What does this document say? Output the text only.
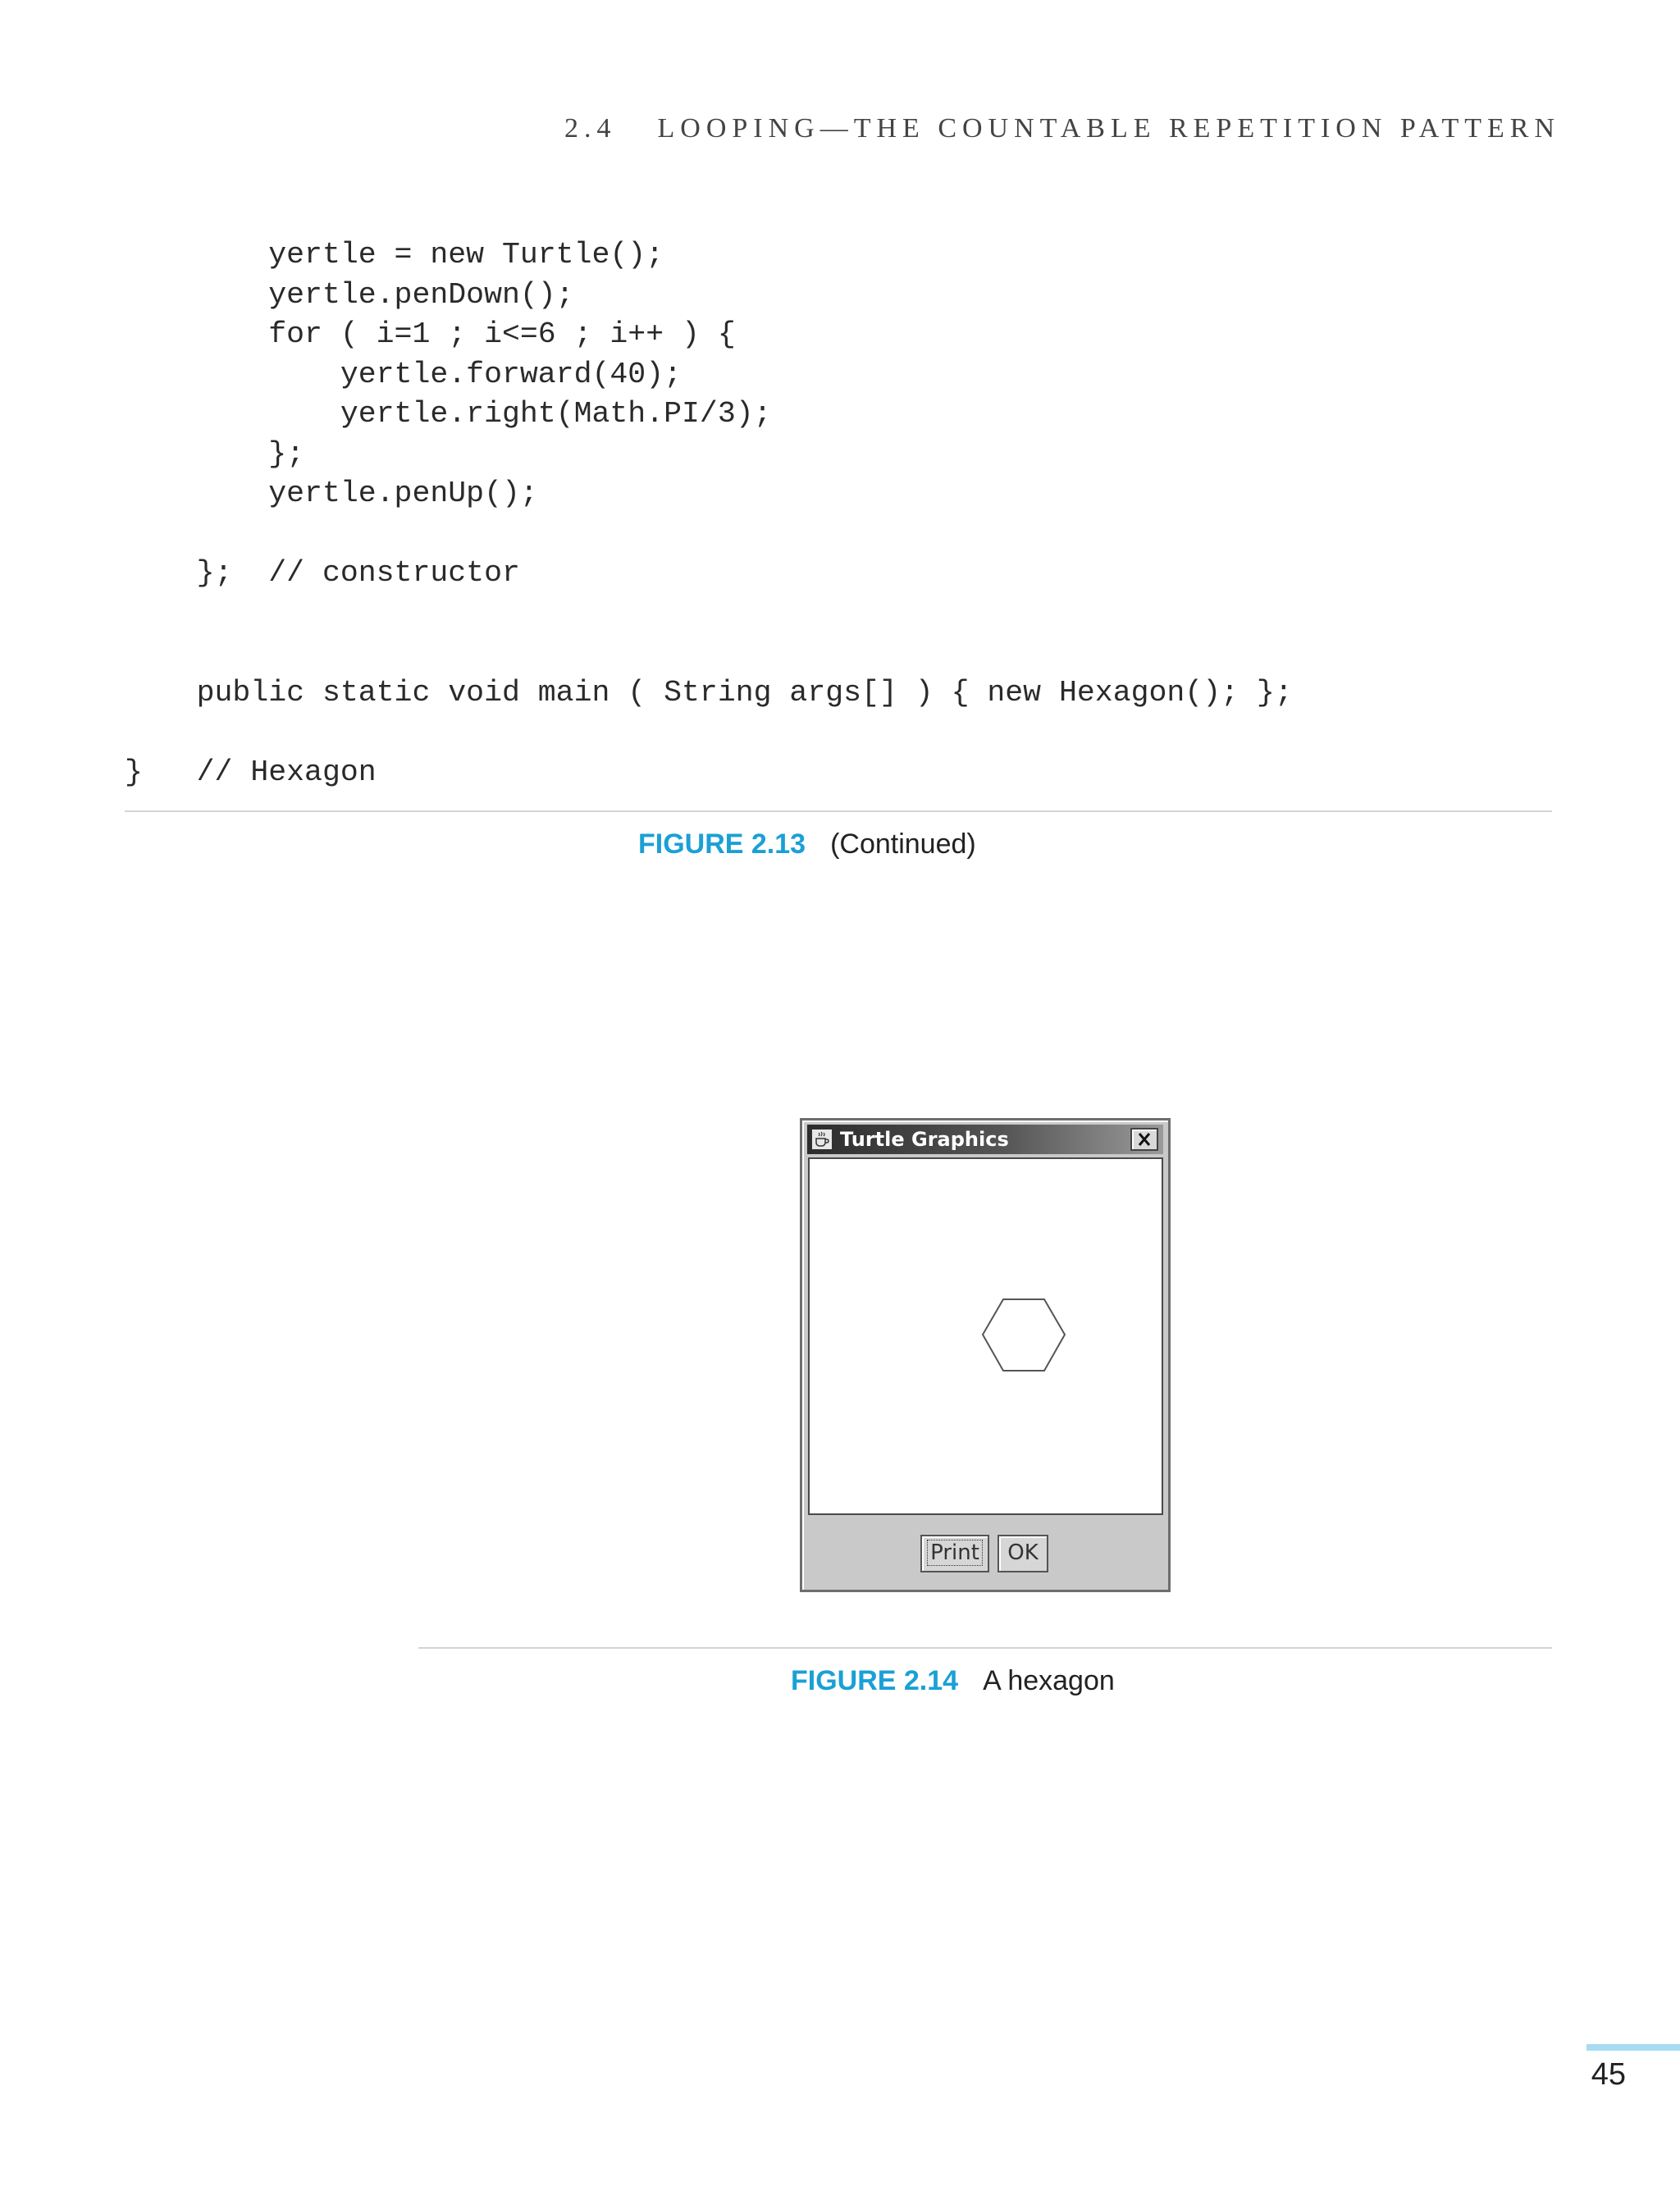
2.4 LOOPING—THE COUNTABLE REPETITION PATTERN
yertle = new Turtle();
yertle.penDown();
for ( i=1 ; i<=6 ; i++ ) {
yertle.forward(40);
yertle.right(Math.PI/3);
};
yertle.penUp();
};  // constructor
public static void main ( String args[] ) { new Hexagon(); };
}   // Hexagon
FIGURE 2.13 (Continued)
Turtle Graphics
Print	OK
FIGURE 2.14 A hexagon
45
